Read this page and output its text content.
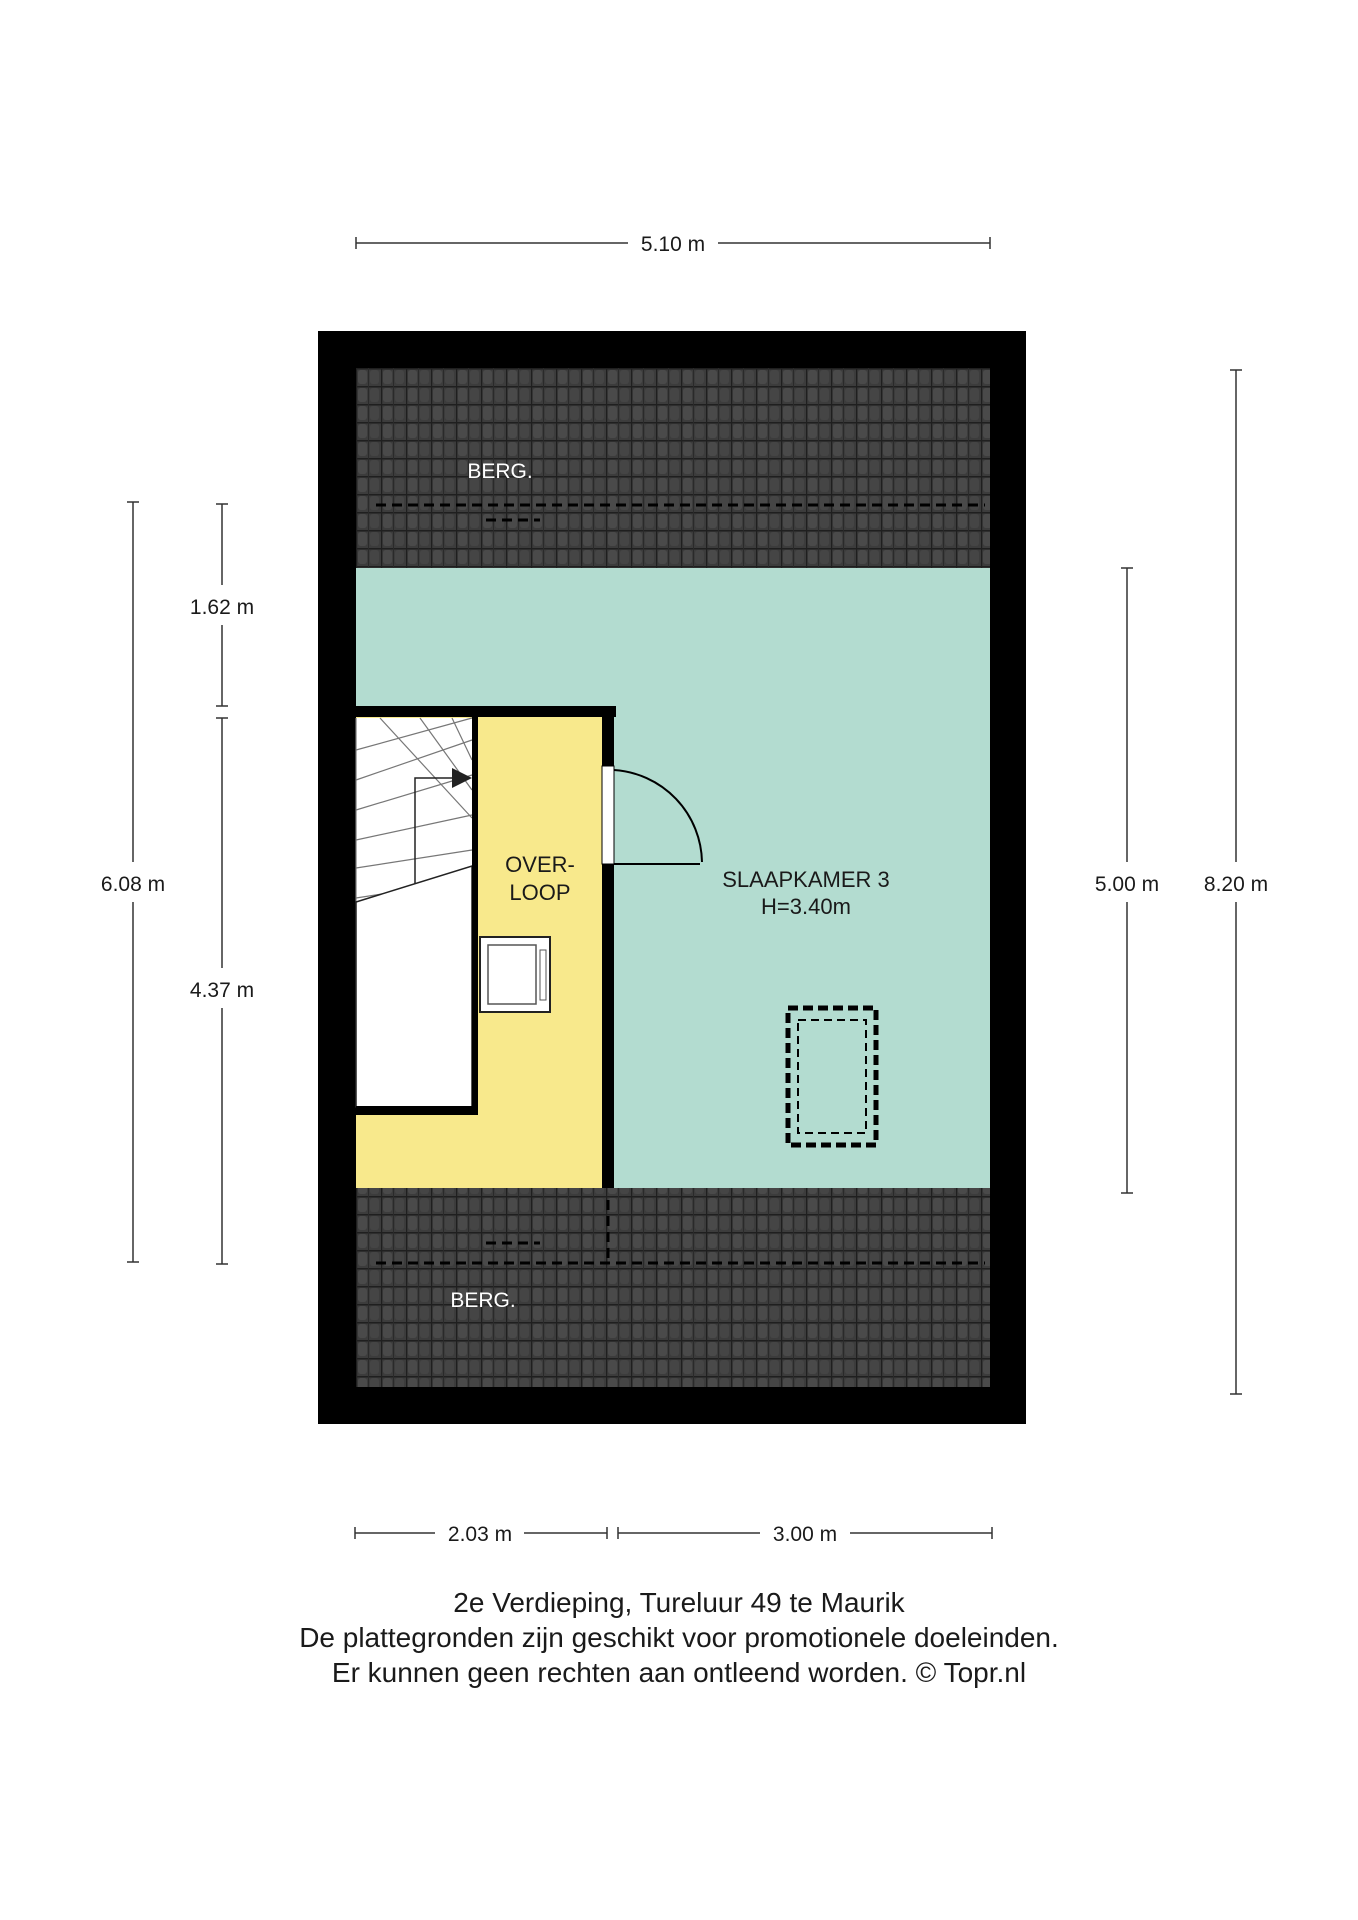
5.10 m
BERG.
BERG.
OVER-
LOOP
SLAAPKAMER 3
H=3.40m
1.62 m
4.37 m
6.08 m	5.00 m 8.20 m
2.03 m	3.00 m
2e Verdieping, Tureluur 49 te Maurik
De plattegronden zijn geschikt voor promotionele doeleinden.
Er kunnen geen rechten aan ontleend worden. © Topr.nl
